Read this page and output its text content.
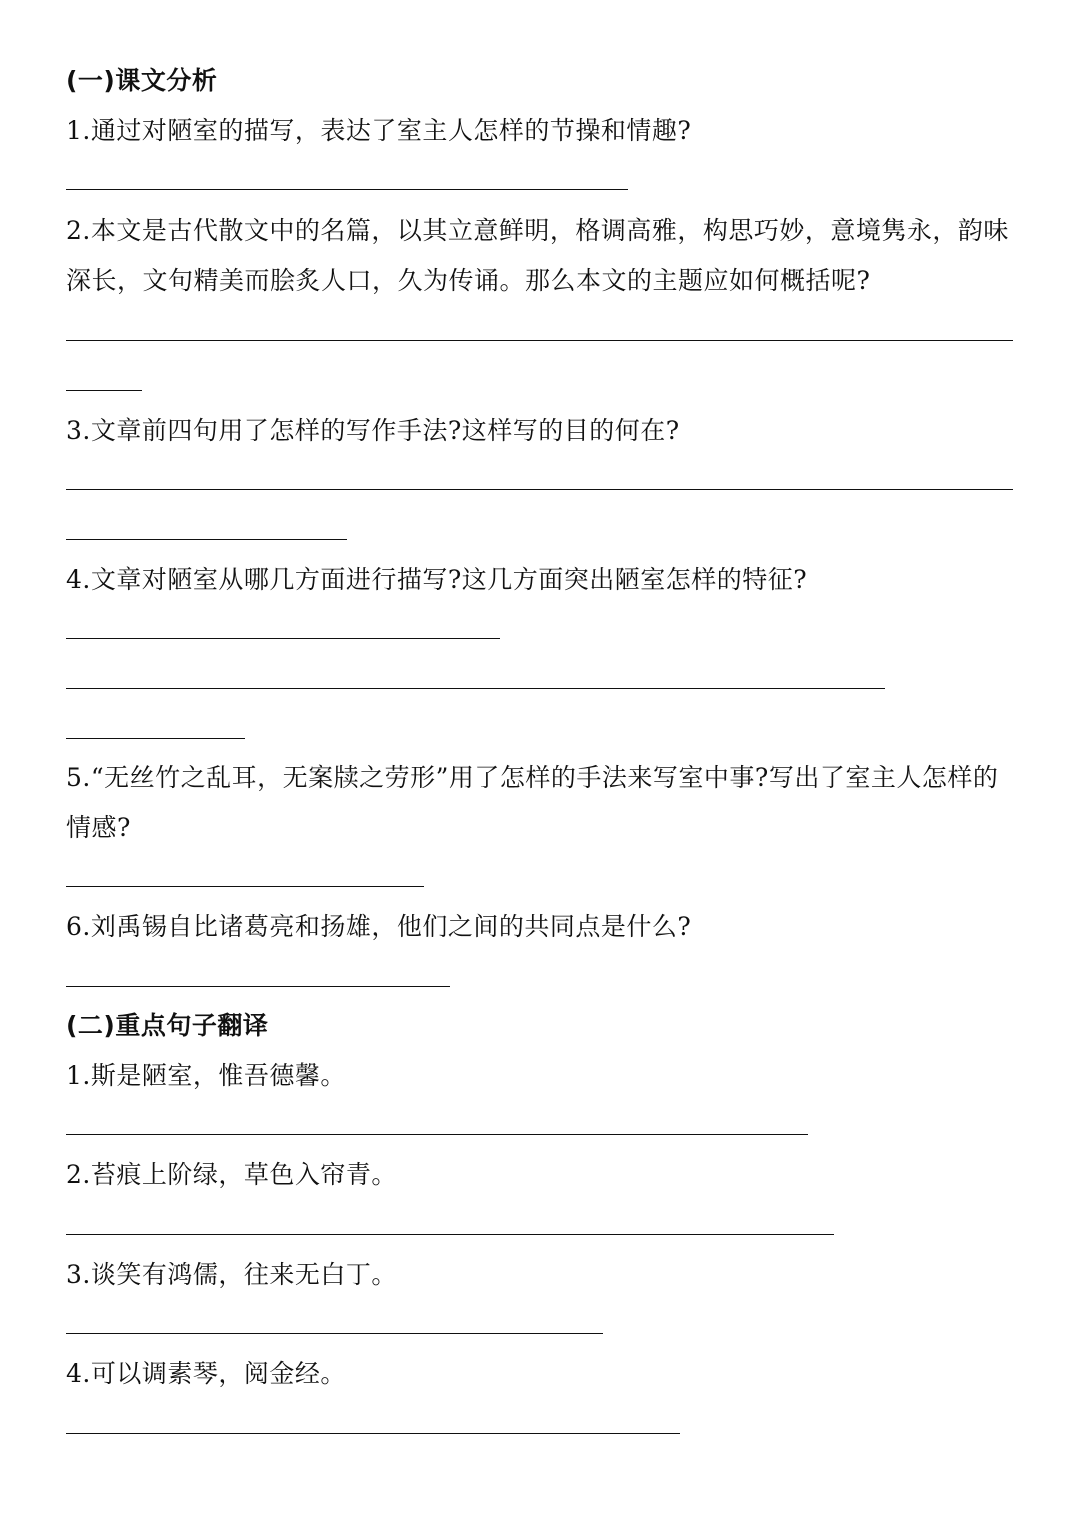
(一)课文分析
1.通过对陋室的描写，表达了室主人怎样的节操和情趣?
2.本文是古代散文中的名篇，以其立意鲜明，格调高雅，构思巧妙，意境隽永，韵味
深长，文句精美而脍炙人口，久为传诵。那么本文的主题应如何概括呢?
3.文章前四句用了怎样的写作手法?这样写的目的何在?
4.文章对陋室从哪几方面进行描写?这几方面突出陋室怎样的特征?
5.“无丝竹之乱耳，无案牍之劳形”用了怎样的手法来写室中事?写出了室主人怎样的
情感?
6.刘禹锡自比诸葛亮和扬雄，他们之间的共同点是什么?
(二)重点句子翻译
1.斯是陋室，惟吾德馨。
2.苔痕上阶绿，草色入帘青。
3.谈笑有鸿儒，往来无白丁。
4.可以调素琴，阅金经。
